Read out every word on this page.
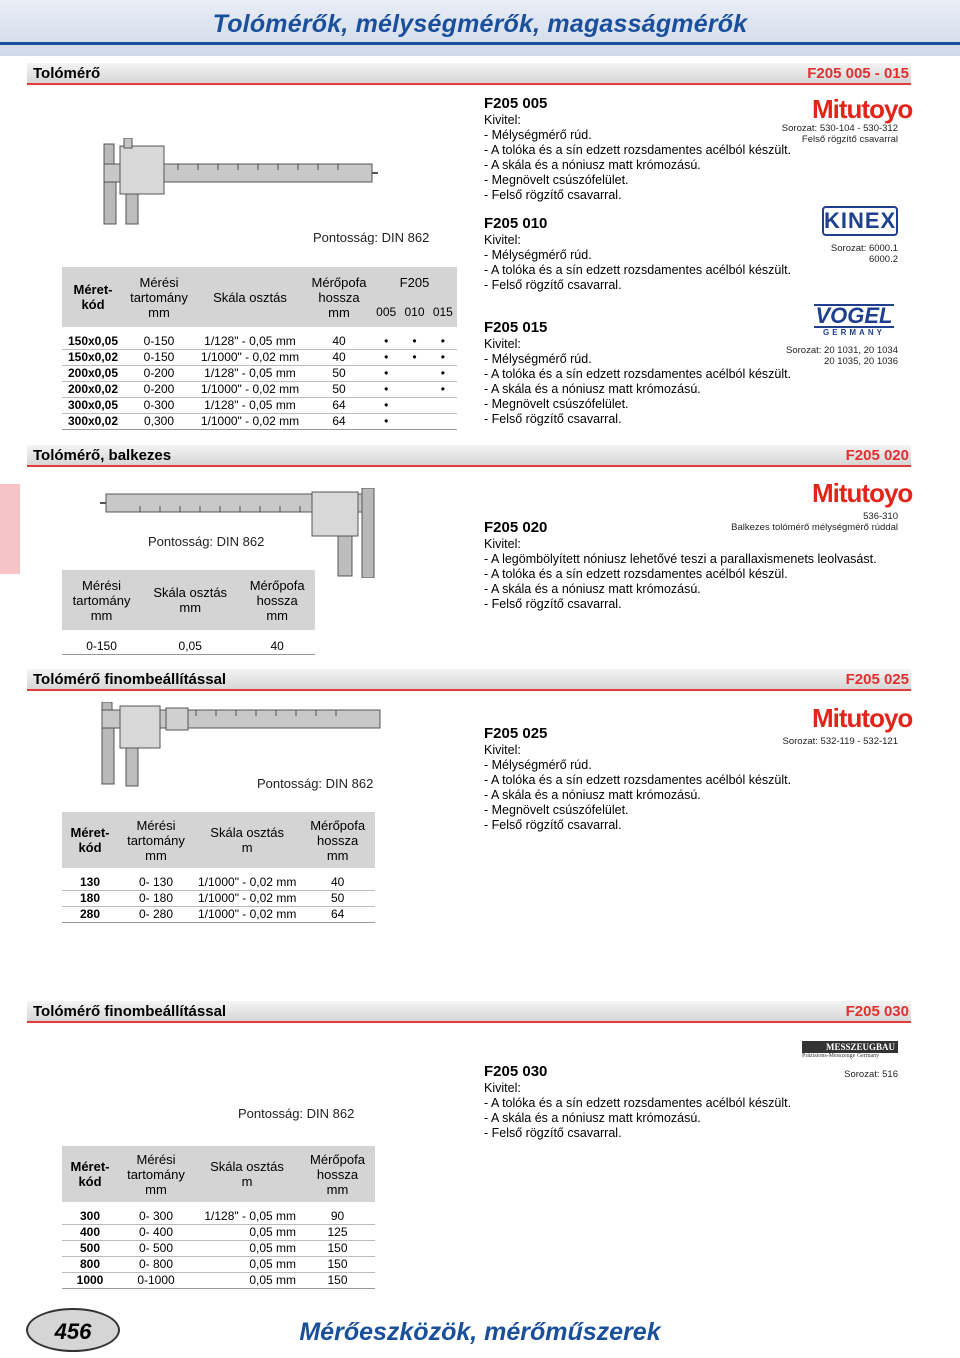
Tolómérők, mélységmérők, magasságmérők
Tolómérő	F205 005 - 015
Pontosság: DIN 862
Méret-
kód	Mérési
tartomány
mm	Skála osztás	Mérőpofa
hossza
mm	F205		
				005	010	015

150x0,05	0-150	1/128" - 0,05 mm	40	•	•	•
150x0,02	0-150	1/1000" - 0,02 mm	40	•	•	•
200x0,05	0-200	1/128" - 0,05 mm	50	•		•
200x0,02	0-200	1/1000" - 0,02 mm	50	•		•
300x0,05	0-300	1/128" - 0,05 mm	64	•		
300x0,02	0,300	1/1000" - 0,02 mm	64	•		
F205 005
Kivitel:
- Mélységmérő rúd.
- A tolóka és a sín edzett rozsdamentes acélból készült.
- A skála és a nóniusz matt krómozású.
- Megnövelt csúszófelület.
- Felső rögzítő csavarral.
Mitutoyo
Sorozat: 530-104 - 530-312
Felső rögzítő csavarral
F205 010
Kivitel:
- Mélységmérő rúd.
- A tolóka és a sín edzett rozsdamentes acélból készült.
- Felső rögzítő csavarral.
KINEX
Sorozat: 6000.1
6000.2
F205 015
Kivitel:
- Mélységmérő rúd.
- A tolóka és a sín edzett rozsdamentes acélból készült.
- A skála és a nóniusz matt krómozású.
- Megnövelt csúszófelület.
- Felső rögzítő csavarral.
VOGEL
GERMANY
Sorozat: 20 1031, 20 1034
20 1035, 20 1036
Tolómérő, balkezes	F205 020
Pontosság: DIN 862
Mérési
tartomány
mm	Skála osztás
mm	Mérőpofa
hossza
mm

0-150	0,05	40
F205 020
Kivitel:
- A legömbölyített nóniusz lehetővé teszi a parallaxismenets leolvasást.
- A tolóka és a sín edzett rozsdamentes acélból készül.
- A skála és a nóniusz matt krómozású.
- Felső rögzítő csavarral.
Mitutoyo
536-310
Balkezes tolómérő mélységmérő rúddal
Tolómérő finombeállítással	F205 025
Pontosság: DIN 862
Méret-
kód	Mérési
tartomány
mm	Skála osztás
m	Mérőpofa
hossza
mm

130	0- 130	1/1000" - 0,02 mm	40
180	0- 180	1/1000" - 0,02 mm	50
280	0- 280	1/1000" - 0,02 mm	64
F205 025
Kivitel:
- Mélységmérő rúd.
- A tolóka és a sín edzett rozsdamentes acélból készült.
- A skála és a nóniusz matt krómozású.
- Megnövelt csúszófelület.
- Felső rögzítő csavarral.
Mitutoyo
Sorozat: 532-119 - 532-121
Tolómérő finombeállítással	F205 030
Pontosság: DIN 862
Méret-
kód	Mérési
tartomány
mm	Skála osztás
m	Mérőpofa
hossza
mm

300	0- 300	1/128" - 0,05 mm	90
400	0- 400	0,05 mm	125
500	0- 500	0,05 mm	150
800	0- 800	0,05 mm	150
1000	0-1000	0,05 mm	150
F205 030
Kivitel:
- A tolóka és a sín edzett rozsdamentes acélból készült.
- A skála és a nóniusz matt krómozású.
- Felső rögzítő csavarral.
MESSZEUGBAU
Präzisions-Messzeuge Germany
Sorozat: 516
456	Mérőeszközök, mérőműszerek
